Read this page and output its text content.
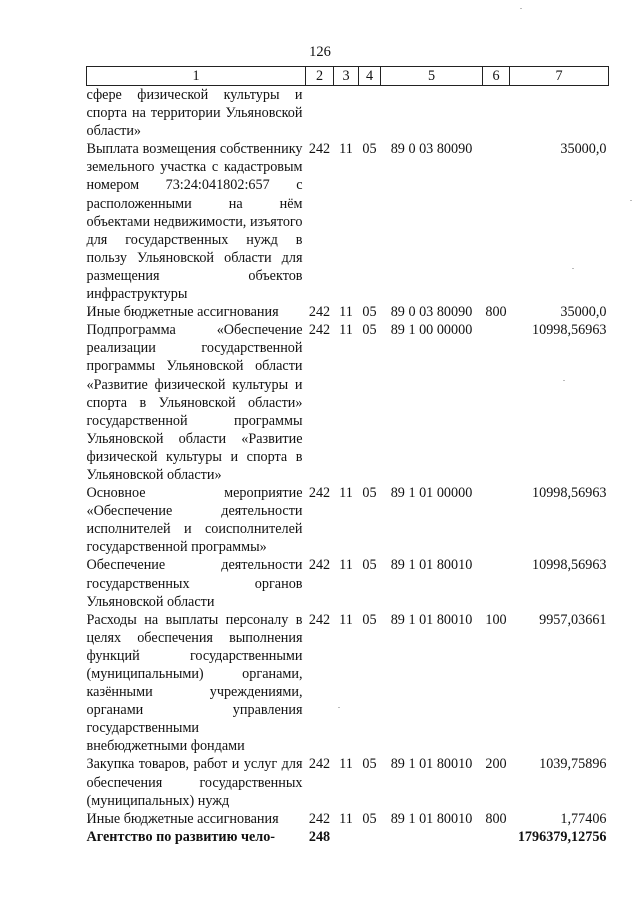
126
1	2	3	4	5	6	7
сфере физической культуры и спорта на территории Ульяновской области»						
Выплата возмещения собственнику земельного участка с кадастровым номером 73:24:041802:657 с расположенными на нём объектами недвижимости, изъятого для государственных нужд в пользу Ульяновской области для размещения объектов инфраструктуры	242	11	05	89 0 03 80090		35000,0
Иные бюджетные ассигнования	242	11	05	89 0 03 80090	800	35000,0
Подпрограмма «Обеспечение реализации государственной программы Ульяновской области «Развитие физической культуры и спорта в Ульяновской области» государственной программы Ульяновской области «Развитие физической культуры и спорта в Ульяновской области»	242	11	05	89 1 00 00000		10998,56963
Основное мероприятие «Обеспечение деятельности исполнителей и соисполнителей государственной программы»	242	11	05	89 1 01 00000		10998,56963
Обеспечение деятельности государственных органов Ульяновской области	242	11	05	89 1 01 80010		10998,56963
Расходы на выплаты персоналу в целях обеспечения выполнения функций государственными (муниципальными) органами, казёнными учреждениями, органами управления государственными внебюджетными фондами	242	11	05	89 1 01 80010	100	9957,03661
Закупка товаров, работ и услуг для обеспечения государственных (муниципальных) нужд	242	11	05	89 1 01 80010	200	1039,75896
Иные бюджетные ассигнования	242	11	05	89 1 01 80010	800	1,77406
Агентство по развитию чело-	248					1796379,12756
